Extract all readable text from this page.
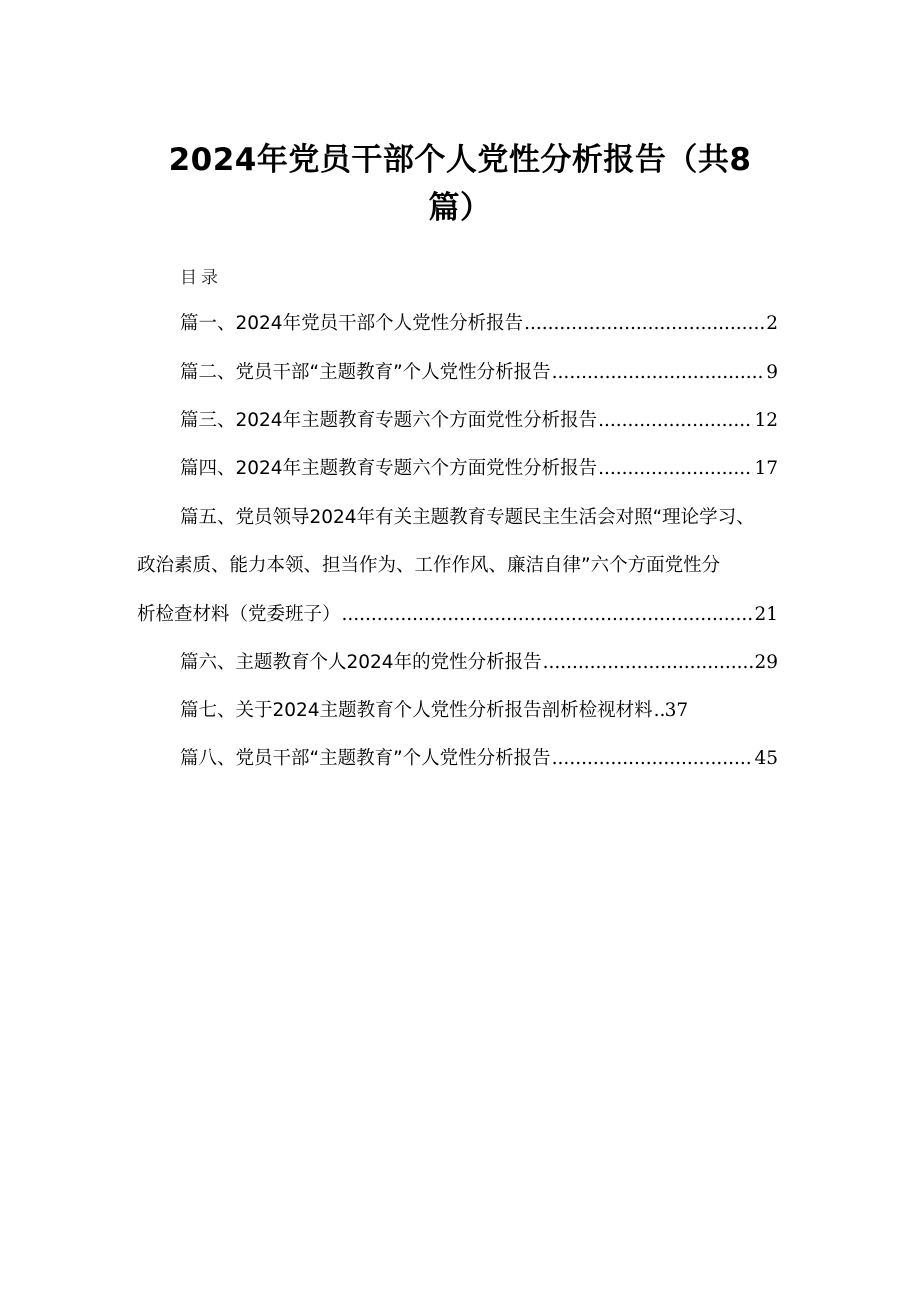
2024年党员干部个人党性分析报告（共8
篇）

目录

篇一、2024年党员干部个人党性分析报告 .....	2
篇二、党员干部“主题教育”个人党性分析报告 .....	9
篇三、2024年主题教育专题六个方面党性分析报告 .....	12
篇四、2024年主题教育专题六个方面党性分析报告 .....	17
篇五、党员领导2024年有关主题教育专题民主生活会对照“理论学习、
政治素质、能力本领、担当作为、工作作风、廉洁自律”六个方面党性分
析检查材料（党委班子） .....	21
篇六、主题教育个人2024年的党性分析报告 .....	29
篇七、关于2024主题教育个人党性分析报告剖析检视材料 ..... 37
篇八、党员干部“主题教育”个人党性分析报告 .....	45
